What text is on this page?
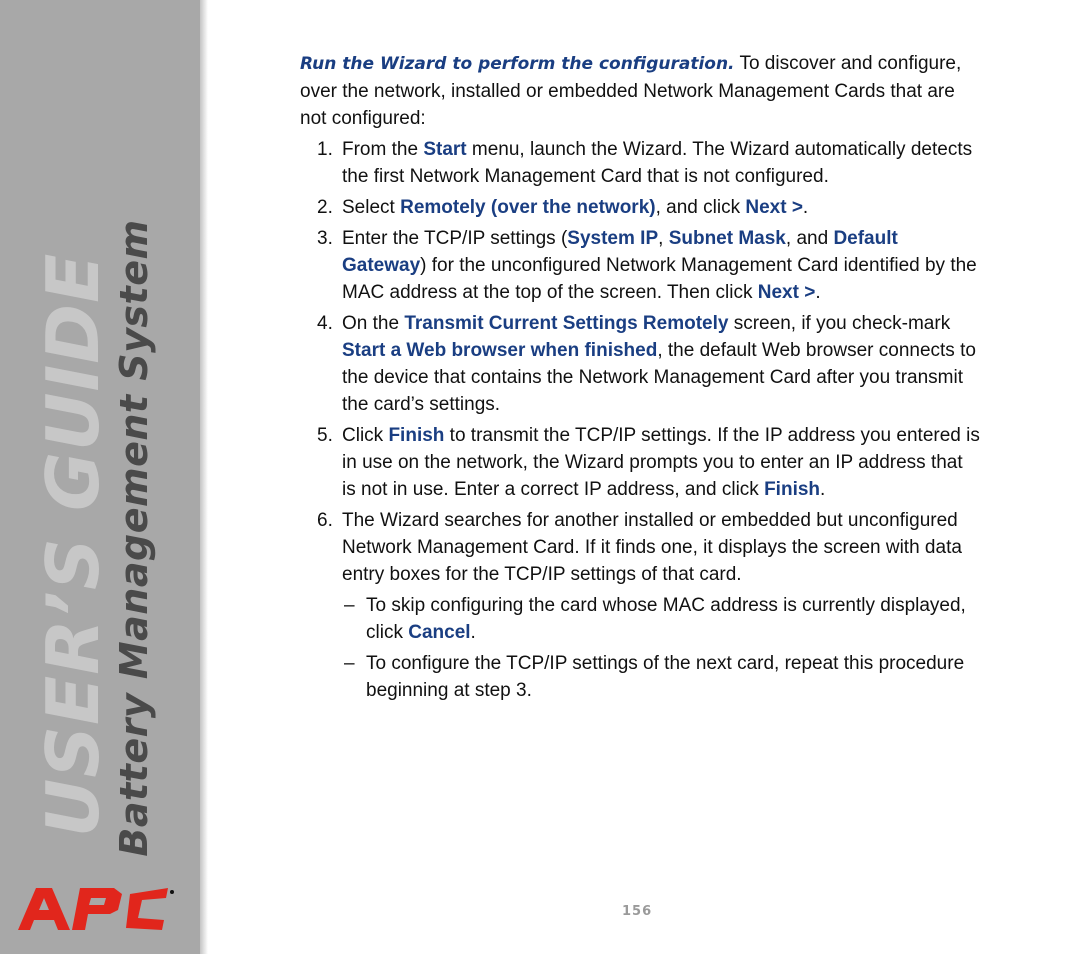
USER’S GUIDE
Battery Management System

Run the Wizard to perform the configuration. To discover and configure, over the network, installed or embedded Network Management Cards that are not configured:

1. From the Start menu, launch the Wizard. The Wizard automatically detects the first Network Management Card that is not configured.
2. Select Remotely (over the network), and click Next >.
3. Enter the TCP/IP settings (System IP, Subnet Mask, and Default Gateway) for the unconfigured Network Management Card identified by the MAC address at the top of the screen. Then click Next >.
4. On the Transmit Current Settings Remotely screen, if you check-mark Start a Web browser when finished, the default Web browser connects to the device that contains the Network Management Card after you transmit the card’s settings.
5. Click Finish to transmit the TCP/IP settings. If the IP address you entered is in use on the network, the Wizard prompts you to enter an IP address that is not in use. Enter a correct IP address, and click Finish.
6. The Wizard searches for another installed or embedded but unconfigured Network Management Card. If it finds one, it displays the screen with data entry boxes for the TCP/IP settings of that card.
– To skip configuring the card whose MAC address is currently displayed, click Cancel.
– To configure the TCP/IP settings of the next card, repeat this procedure beginning at step 3.
156
